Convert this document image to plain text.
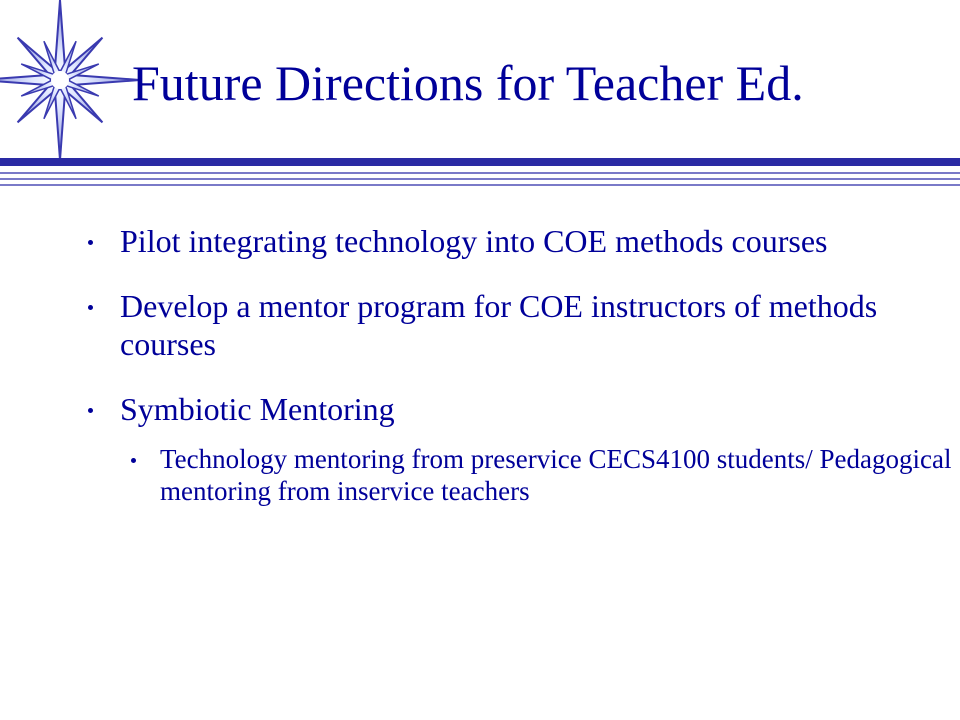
Future Directions for Teacher Ed.
Pilot integrating technology into COE methods courses
Develop a mentor program for COE instructors of methods courses
Symbiotic Mentoring
Technology mentoring from preservice CECS4100 students/ Pedagogical mentoring from inservice teachers
